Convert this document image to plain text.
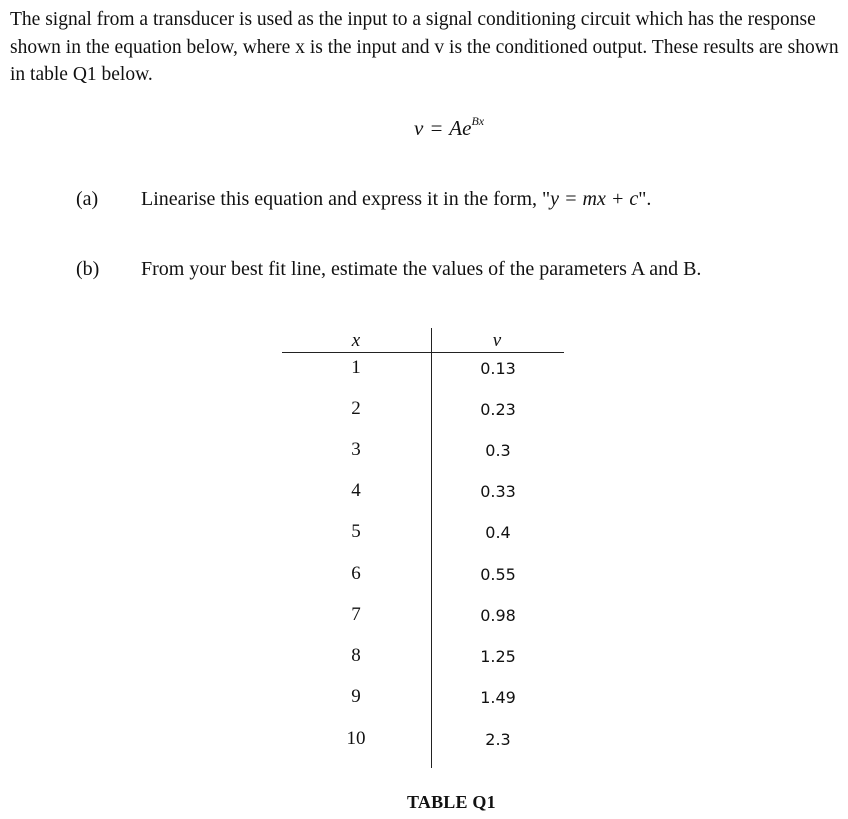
The signal from a transducer is used as the input to a signal conditioning circuit which has the response shown in the equation below, where x is the input and v is the conditioned output. These results are shown in table Q1 below.

$v = Ae^{Bx}$
(a) Linearise this equation and express it in the form, "y = mx + c".
(b) From your best fit line, estimate the values of the parameters A and B.
x	v
1	0.13
2	0.23
3	0.3
4	0.33
5	0.4
6	0.55
7	0.98
8	1.25
9	1.49
10	2.3
TABLE Q1
